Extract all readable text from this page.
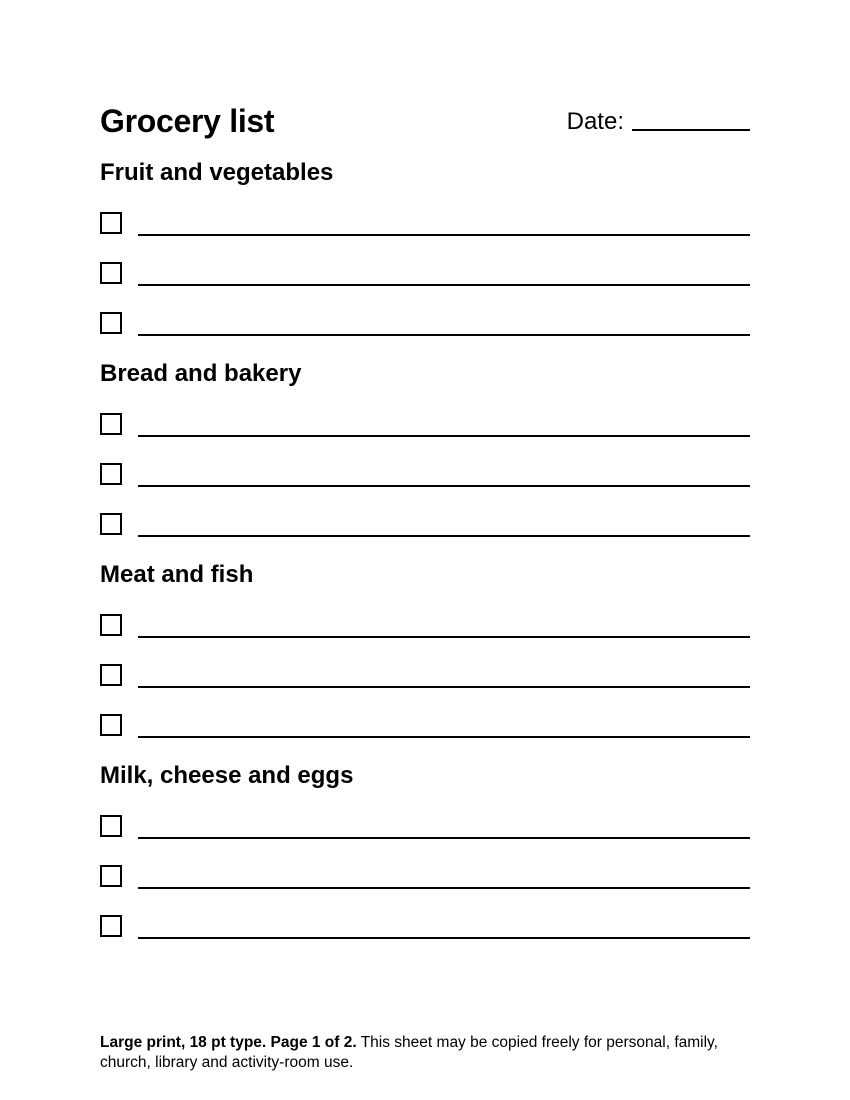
Grocery list	Date:
Fruit and vegetables
Bread and bakery
Meat and fish
Milk, cheese and eggs

Large print, 18 pt type. Page 1 of 2. This sheet may be copied freely for personal, family, church, library and activity-room use.
